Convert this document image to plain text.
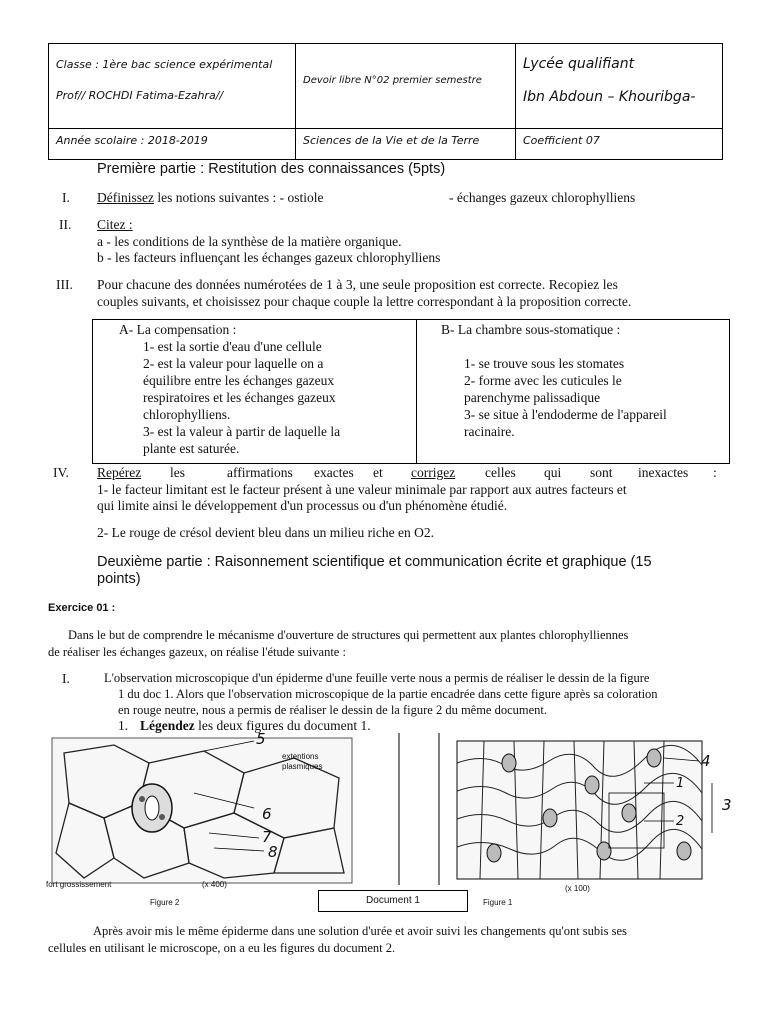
Classe : 1ère bac science expérimental
Prof// ROCHDI Fatima-Ezahra//
Devoir libre N°02 premier semestre
Lycée qualifiant
Ibn Abdoun – Khouribga-
Année scolaire : 2018-2019	Sciences de la Vie et de la Terre	Coefficient 07
Première partie : Restitution des connaissances (5pts)
I. Définissez les notions suivantes : - ostiole	- échanges gazeux chlorophylliens
II. Citez :
a - les conditions de la synthèse de la matière organique.
b - les facteurs influençant les échanges gazeux chlorophylliens
III. Pour chacune des données numérotées de 1 à 3, une seule proposition est correcte. Recopiez les
couples suivants, et choisissez pour chaque couple la lettre correspondant à la proposition correcte.
A- La compensation :
1- est la sortie d'eau d'une cellule
2- est la valeur pour laquelle on a
équilibre entre les échanges gazeux
respiratoires et les échanges gazeux
chlorophylliens.
3- est la valeur à partir de laquelle la
plante est saturée.
B- La chambre sous-stomatique :
1- se trouve sous les stomates
2- forme avec les cuticules le
parenchyme palissadique
3- se situe à l'endoderme de l'appareil
racinaire.
IV. Repérez les	affirmations exactes et corrigez celles qui sont inexactes :
1- le facteur limitant est le facteur présent à une valeur minimale par rapport aux autres facteurs et
qui limite ainsi le développement d'un processus ou d'un phénomène étudié.
2- Le rouge de crésol devient bleu dans un milieu riche en O2.
Deuxième partie : Raisonnement scientifique et communication écrite et graphique (15
points)
Exercice 01 :
Dans le but de comprendre le mécanisme d'ouverture de structures qui permettent aux plantes chlorophylliennes
de réaliser les échanges gazeux, on réalise l'étude suivante :
I.	L'observation microscopique d'un épiderme d'une feuille verte nous a permis de réaliser le dessin de la figure
1 du doc 1. Alors que l'observation microscopique de la partie encadrée dans cette figure après sa coloration
en rouge neutre, nous a permis de réaliser le dessin de la figure 2 du même document.
1. Légendez les deux figures du document 1.
5
extentions
plasmiques
6
7
8
fort grossissement	(x 400)
Figure 2	Document 1
4
1
2
3
(x 100)
Figure 1
Après avoir mis le même épiderme dans une solution d'urée et avoir suivi les changements qu'ont subis ses
cellules en utilisant le microscope, on a eu les figures du document 2.
